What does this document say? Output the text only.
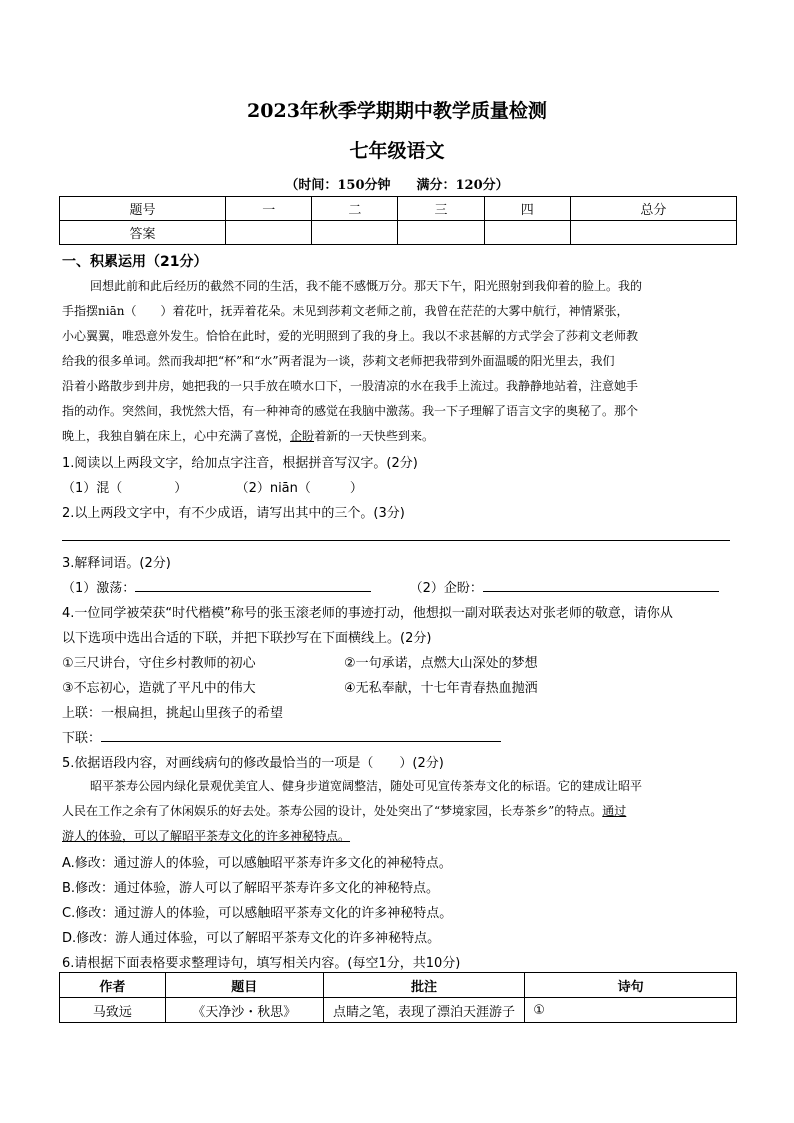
2023年秋季学期期中教学质量检测
七年级语文
（时间：150分钟　　满分：120分）
题号	一	二	三	四	总分
答案					
一、积累运用（21分）
回想此前和此后经历的截然不同的生活，我不能不感慨万分。那天下午，阳光照射到我仰着的脸上。我的
手指摆niān（　　）着花叶，抚弄着花朵。未见到莎莉文老师之前，我曾在茫茫的大雾中航行，神情紧张，
小心翼翼，唯恐意外发生。恰恰在此时，爱的光明照到了我的身上。我以不求甚解的方式学会了莎莉文老师教
给我的很多单词。然而我却把“杯”和“水”两者混为一谈，莎莉文老师把我带到外面温暖的阳光里去，我们
沿着小路散步到井房，她把我的一只手放在喷水口下，一股清凉的水在我手上流过。我静静地站着，注意她手
指的动作。突然间，我恍然大悟，有一种神奇的感觉在我脑中激荡。我一下子理解了语言文字的奥秘了。那个
晚上，我独自躺在床上，心中充满了喜悦，企盼着新的一天快些到来。
1.阅读以上两段文字，给加点字注音，根据拼音写汉字。(2分)
（1）混（　　　　）	（2）niān（　　　）
2.以上两段文字中，有不少成语，请写出其中的三个。(3分)
3.解释词语。(2分)
（1）激荡：	（2）企盼：
4.一位同学被荣获“时代楷模”称号的张玉滚老师的事迹打动，他想拟一副对联表达对张老师的敬意，请你从
以下选项中选出合适的下联，并把下联抄写在下面横线上。(2分)
①三尺讲台，守住乡村教师的初心	②一句承诺，点燃大山深处的梦想
③不忘初心，造就了平凡中的伟大	④无私奉献，十七年青春热血抛洒
上联：一根扁担，挑起山里孩子的希望
下联：
5.依据语段内容，对画线病句的修改最恰当的一项是（　　）(2分)
昭平茶寿公园内绿化景观优美宜人、健身步道宽阔整洁，随处可见宣传茶寿文化的标语。它的建成让昭平
人民在工作之余有了休闲娱乐的好去处。茶寿公园的设计，处处突出了“梦境家园，长寿茶乡”的特点。通过
游人的体验，可以了解昭平茶寿文化的许多神秘特点。
A.修改：通过游人的体验，可以感触昭平茶寿许多文化的神秘特点。
B.修改：通过体验，游人可以了解昭平茶寿许多文化的神秘特点。
C.修改：通过游人的体验，可以感触昭平茶寿文化的许多神秘特点。
D.修改：游人通过体验，可以了解昭平茶寿文化的许多神秘特点。
6.请根据下面表格要求整理诗句，填写相关内容。(每空1分，共10分)
作者	题目	批注	诗句
马致远	《天净沙・秋思》	点睛之笔，表现了漂泊天涯游子	①
